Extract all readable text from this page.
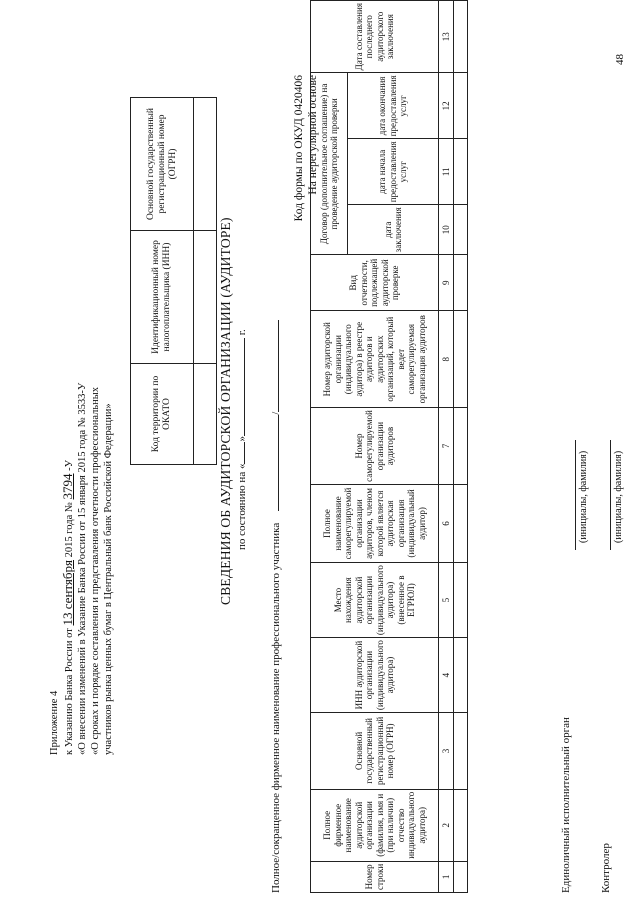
Приложение 4 к Указанию Банка России от 13 сентября 2015 года № 3794 -У «О внесении изменений в Указание Банка России от 15 января 2015 года № 3533-У «О сроках и порядке составления и представления отчетности профессиональных участников рынка ценных бумаг в Центральный банк Российской Федерации»	Код территории по ОКАТО	Идентификационный номер налогоплательщика (ИНН)	Основной государственный регистрационный номер (ОГРН)

СВЕДЕНИЯ ОБ АУДИТОРСКОЙ ОРГАНИЗАЦИИ (АУДИТОРЕ) по состоянию на «» г.
Код формы по ОКУД 0420406 На нерегулярной основе
Полное/сокращенное фирменное наименование профессионального участника/
Номер строки	Полное фирменное наименование аудиторской организации (фамилия, имя и (при наличии) отчество индивидуального аудитора)	Основной государственный регистрационный номер (ОГРН)	ИНН аудиторской организации (индивидуального аудитора)	Место нахождения аудиторской организации (индивидуального аудитора) (внесенное в ЕГРЮЛ)	Полное наименование саморегулируемой организации аудиторов, членом которой является аудиторская организация (индивидуальный аудитор)	Номер саморегулируемой организации аудиторов	Номер аудиторской организации (индивидуального аудитора) в реестре аудиторов и аудиторских организаций, который ведет саморегулируемая организация аудиторов	Вид отчетности, подлежащей аудиторской проверке	Договор (дополнительное соглашение) на проведение аудиторской проверки			Дата составления последнего аудиторского заключения
									дата заключения	дата начала предоставления услуг	дата окончания предоставления услуг	
1	2	3	4	5	6	7	8	9	10	11	12	13

Единоличный исполнительный орган
(инициалы, фамилия)
Контролер
(инициалы, фамилия)
48
